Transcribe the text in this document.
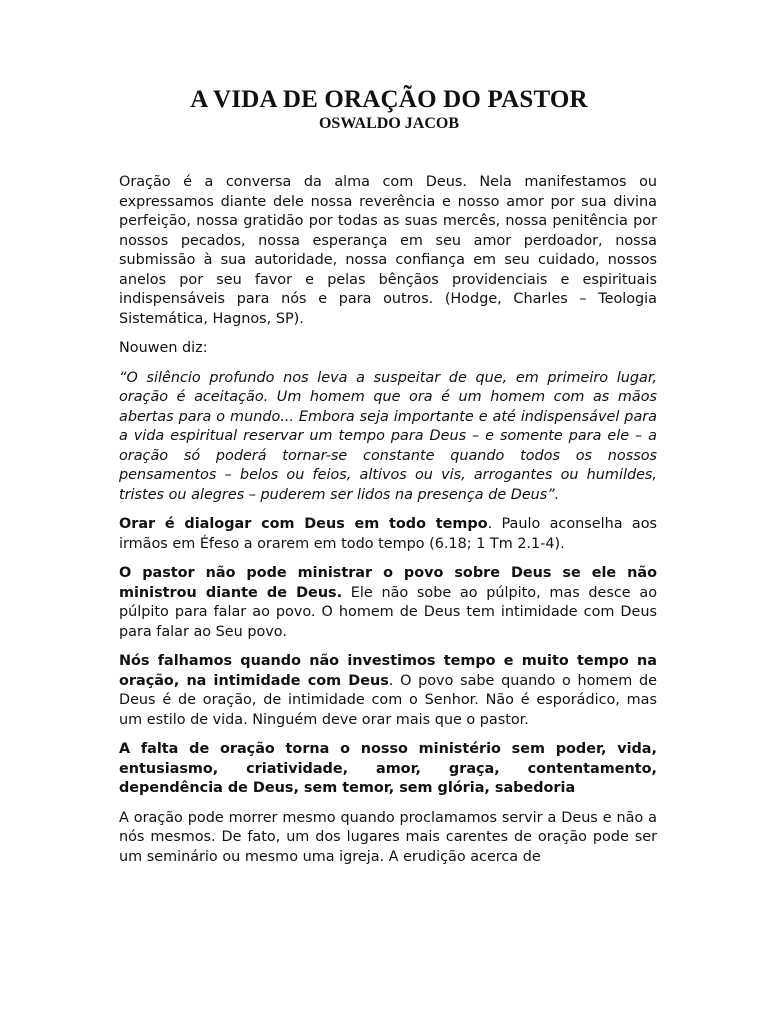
A VIDA DE ORAÇÃO DO PASTOR
OSWALDO JACOB

Oração é a conversa da alma com Deus. Nela manifestamos ou expressamos diante dele nossa reverência e nosso amor por sua divina perfeição, nossa gratidão por todas as suas mercês, nossa penitência por nossos pecados, nossa esperança em seu amor perdoador, nossa submissão à sua autoridade, nossa confiança em seu cuidado, nossos anelos por seu favor e pelas bênçãos providenciais e espirituais indispensáveis para nós e para outros. (Hodge, Charles – Teologia Sistemática, Hagnos, SP).

Nouwen diz:

“O silêncio profundo nos leva a suspeitar de que, em primeiro lugar, oração é aceitação. Um homem que ora é um homem com as mãos abertas para o mundo... Embora seja importante e até indispensável para a vida espiritual reservar um tempo para Deus – e somente para ele – a oração só poderá tornar-se constante quando todos os nossos pensamentos – belos ou feios, altivos ou vis, arrogantes ou humildes, tristes ou alegres – puderem ser lidos na presença de Deus”.

Orar é dialogar com Deus em todo tempo. Paulo aconselha aos irmãos em Éfeso a orarem em todo tempo (6.18; 1 Tm 2.1-4).

O pastor não pode ministrar o povo sobre Deus se ele não ministrou diante de Deus. Ele não sobe ao púlpito, mas desce ao púlpito para falar ao povo. O homem de Deus tem intimidade com Deus para falar ao Seu povo.

Nós falhamos quando não investimos tempo e muito tempo na oração, na intimidade com Deus. O povo sabe quando o homem de Deus é de oração, de intimidade com o Senhor. Não é esporádico, mas um estilo de vida. Ninguém deve orar mais que o pastor.

A falta de oração torna o nosso ministério sem poder, vida, entusiasmo, criatividade, amor, graça, contentamento, dependência de Deus, sem temor, sem glória, sabedoria

A oração pode morrer mesmo quando proclamamos servir a Deus e não a nós mesmos. De fato, um dos lugares mais carentes de oração pode ser um seminário ou mesmo uma igreja. A erudição acerca de
